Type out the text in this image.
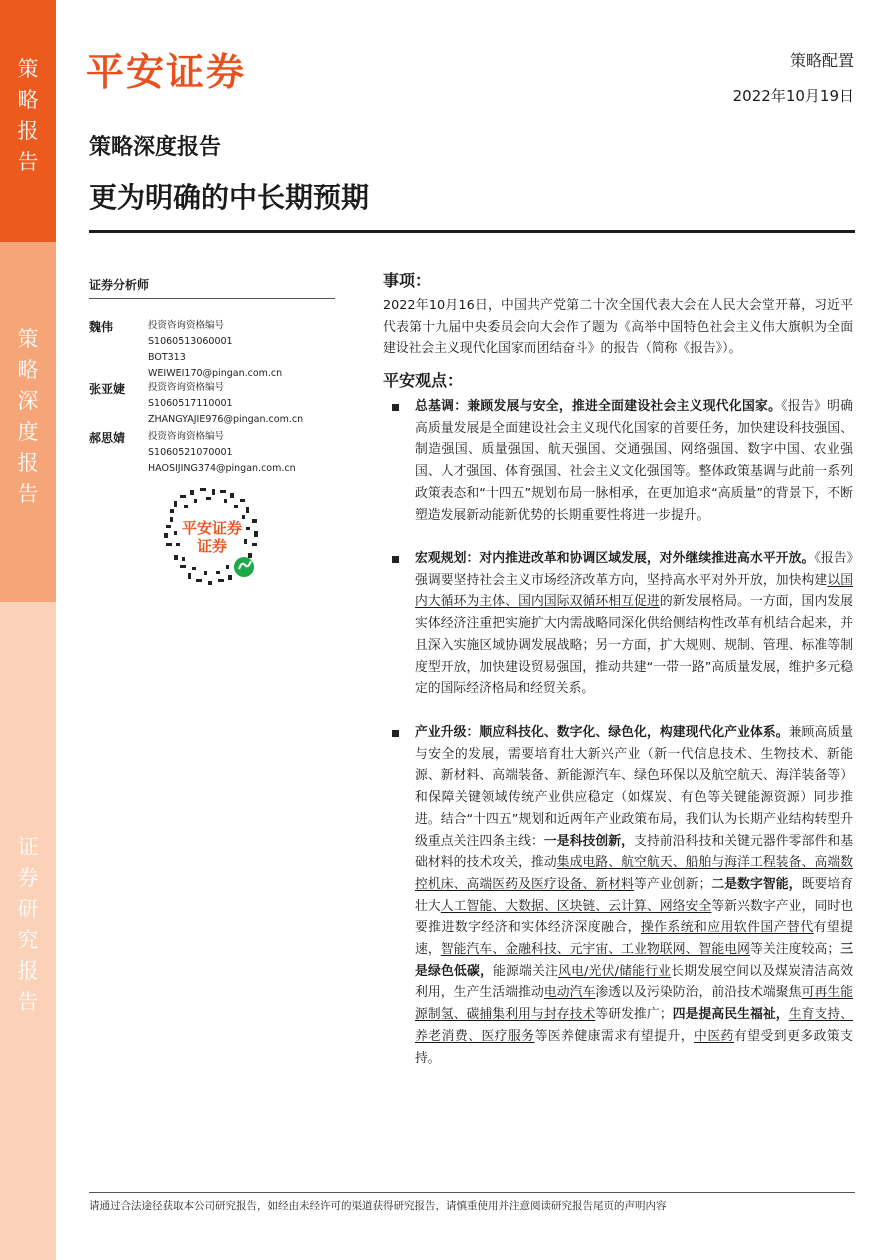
策
略
报
告
策
略
深
度
报
告
证
券
研
究
报
告
平安证券	策略配置
2022年10月19日
策略深度报告
更为明确的中长期预期
证券分析师
魏伟	投资咨询资格编号
S1060513060001
BOT313
WEIWEI170@pingan.com.cn
张亚婕 投资咨询资格编号
S1060517110001
ZHANGYAJIE976@pingan.com.cn
郝思婧 投资咨询资格编号
S1060521070001
HAOSIJING374@pingan.com.cn
平安证券
证券
事项：
2022年10月16日，中国共产党第二十次全国代表大会在人民大会堂开幕，习近平代表第十九届中央委员会向大会作了题为《高举中国特色社会主义伟大旗帜为全面建设社会主义现代化国家而团结奋斗》的报告（简称《报告》）。
平安观点：
总基调：兼顾发展与安全，推进全面建设社会主义现代化国家。《报告》明确高质量发展是全面建设社会主义现代化国家的首要任务，加快建设科技强国、制造强国、质量强国、航天强国、交通强国、网络强国、数字中国、农业强国、人才强国、体育强国、社会主义文化强国等。整体政策基调与此前一系列政策表态和“十四五”规划布局一脉相承，在更加追求“高质量”的背景下，不断塑造发展新动能新优势的长期重要性将进一步提升。
宏观规划：对内推进改革和协调区域发展，对外继续推进高水平开放。《报告》强调要坚持社会主义市场经济改革方向，坚持高水平对外开放，加快构建以国内大循环为主体、国内国际双循环相互促进的新发展格局。一方面，国内发展实体经济注重把实施扩大内需战略同深化供给侧结构性改革有机结合起来，并且深入实施区域协调发展战略；另一方面，扩大规则、规制、管理、标准等制度型开放，加快建设贸易强国，推动共建“一带一路”高质量发展，维护多元稳定的国际经济格局和经贸关系。
产业升级：顺应科技化、数字化、绿色化，构建现代化产业体系。兼顾高质量与安全的发展，需要培育壮大新兴产业（新一代信息技术、生物技术、新能源、新材料、高端装备、新能源汽车、绿色环保以及航空航天、海洋装备等）和保障关键领域传统产业供应稳定（如煤炭、有色等关键能源资源）同步推进。结合“十四五”规划和近两年产业政策布局，我们认为长期产业结构转型升级重点关注四条主线：一是科技创新，支持前沿科技和关键元器件零部件和基础材料的技术攻关，推动集成电路、航空航天、船舶与海洋工程装备、高端数控机床、高端医药及医疗设备、新材料等产业创新；二是数字智能，既要培育壮大人工智能、大数据、区块链、云计算、网络安全等新兴数字产业，同时也要推进数字经济和实体经济深度融合，操作系统和应用软件国产替代有望提速，智能汽车、金融科技、元宇宙、工业物联网、智能电网等关注度较高；三是绿色低碳，能源端关注风电/光伏/储能行业长期发展空间以及煤炭清洁高效利用，生产生活端推动电动汽车渗透以及污染防治，前沿技术端聚焦可再生能源制氢、碳捕集利用与封存技术等研发推广；四是提高民生福祉，生育支持、养老消费、医疗服务等医养健康需求有望提升，中医药有望受到更多政策支持。
请通过合法途径获取本公司研究报告，如经由未经许可的渠道获得研究报告，请慎重使用并注意阅读研究报告尾页的声明内容
